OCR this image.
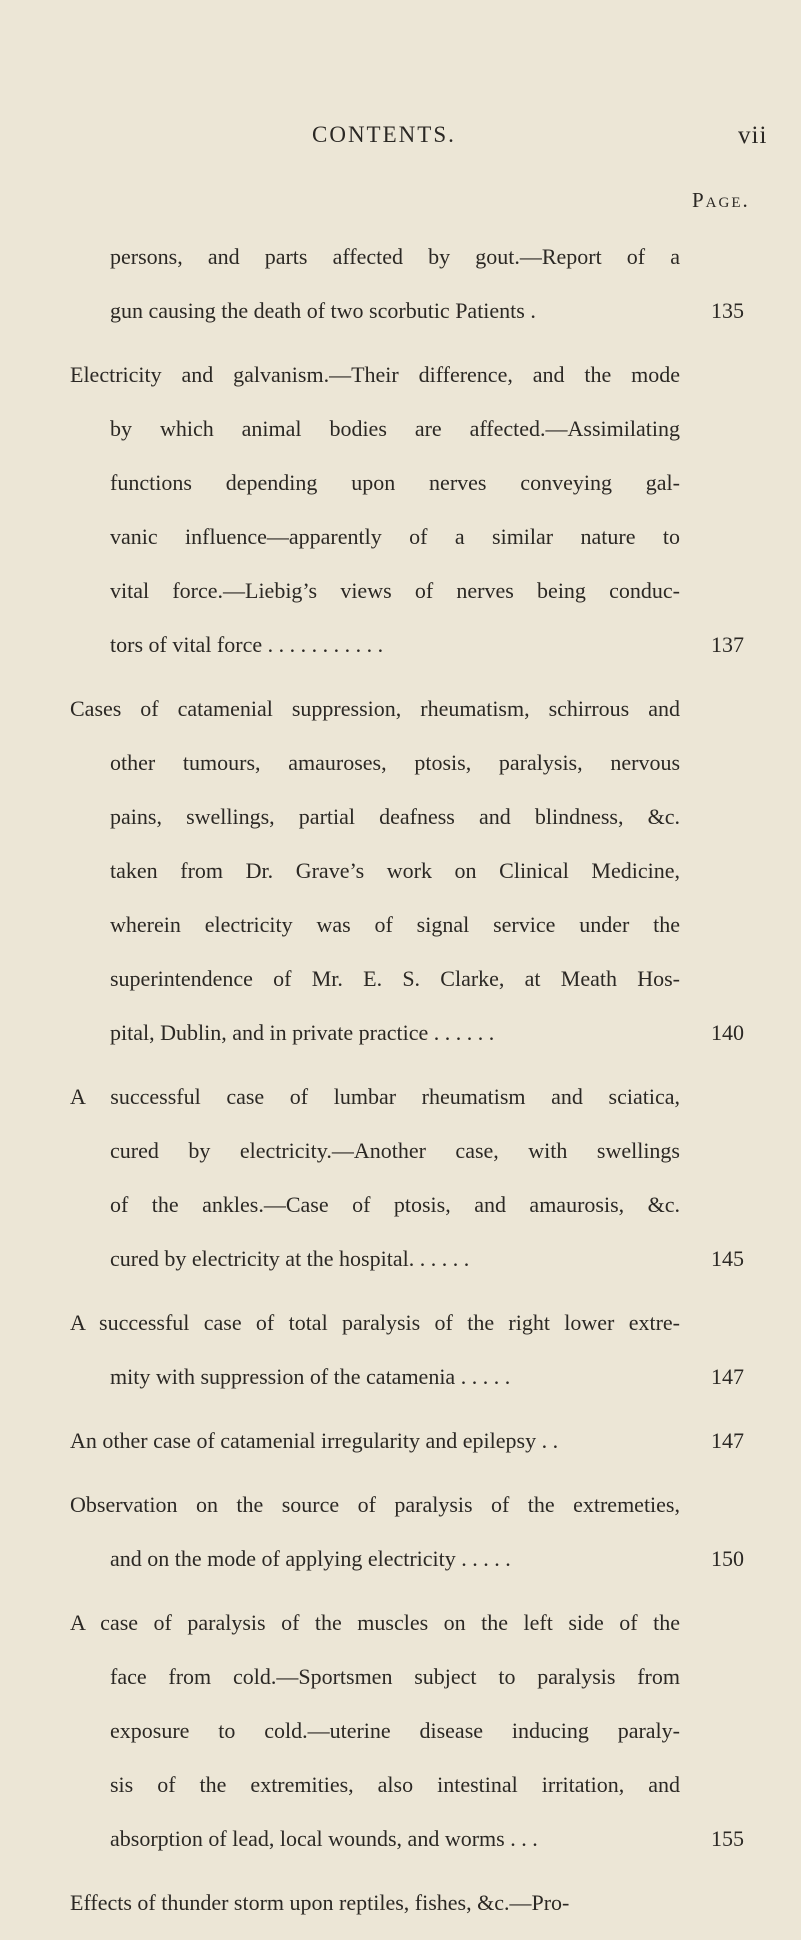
CONTENTS.	vii
Page.
persons, and parts affected by gout.—Report of a
gun causing the death of two scorbutic Patients .	135
Electricity and galvanism.—Their difference, and the mode
by which animal bodies are affected.—Assimilating
functions depending upon nerves conveying gal-
vanic influence—apparently of a similar nature to
vital force.—Liebig’s views of nerves being conduc-
tors of vital force . . . . . . . . . . .	137
Cases of catamenial suppression, rheumatism, schirrous and
other tumours, amauroses, ptosis, paralysis, nervous
pains, swellings, partial deafness and blindness, &c.
taken from Dr. Grave’s work on Clinical Medicine,
wherein electricity was of signal service under the
superintendence of Mr. E. S. Clarke, at Meath Hos-
pital, Dublin, and in private practice . . . . . .	140
A successful case of lumbar rheumatism and sciatica,
cured by electricity.—Another case, with swellings
of the ankles.—Case of ptosis, and amaurosis, &c.
cured by electricity at the hospital. . . . . .	145
A successful case of total paralysis of the right lower extre-
mity with suppression of the catamenia . . . . .	147
An other case of catamenial irregularity and epilepsy . .	147
Observation on the source of paralysis of the extremeties,
and on the mode of applying electricity . . . . .	150
A case of paralysis of the muscles on the left side of the
face from cold.—Sportsmen subject to paralysis from
exposure to cold.—uterine disease inducing paraly-
sis of the extremities, also intestinal irritation, and
absorption of lead, local wounds, and worms . . .	155
Effects of thunder storm upon reptiles, fishes, &c.—Pro-
